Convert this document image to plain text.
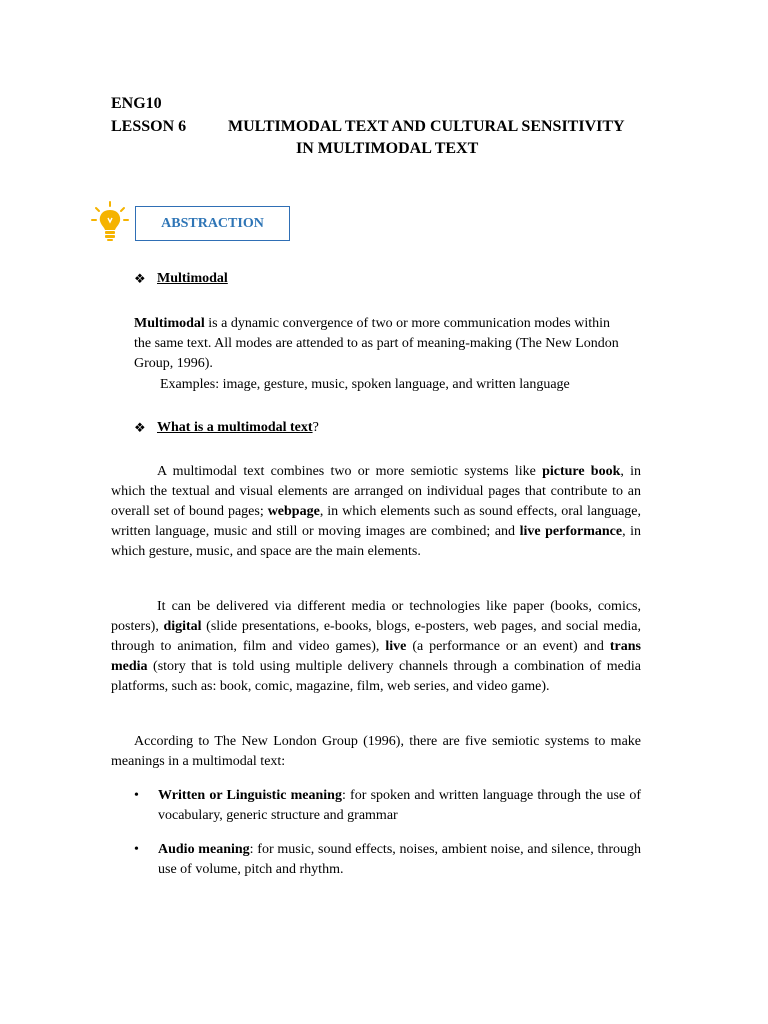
ENG10
LESSON 6	MULTIMODAL TEXT AND CULTURAL SENSITIVITY
IN MULTIMODAL TEXT
ABSTRACTION
❖ Multimodal
Multimodal is a dynamic convergence of two or more communication modes within the same text. All modes are attended to as part of meaning-making (The New London Group, 1996).
Examples: image, gesture, music, spoken language, and written language
❖ What is a multimodal text?
A multimodal text combines two or more semiotic systems like picture book, in which the textual and visual elements are arranged on individual pages that contribute to an overall set of bound pages; webpage, in which elements such as sound effects, oral language, written language, music and still or moving images are combined; and live performance, in which gesture, music, and space are the main elements.
It can be delivered via different media or technologies like paper (books, comics, posters), digital (slide presentations, e-books, blogs, e-posters, web pages, and social media, through to animation, film and video games), live (a performance or an event) and trans media (story that is told using multiple delivery channels through a combination of media platforms, such as: book, comic, magazine, film, web series, and video game).
According to The New London Group (1996), there are five semiotic systems to make meanings in a multimodal text:
• Written or Linguistic meaning: for spoken and written language through the use of vocabulary, generic structure and grammar
• Audio meaning: for music, sound effects, noises, ambient noise, and silence, through use of volume, pitch and rhythm.
